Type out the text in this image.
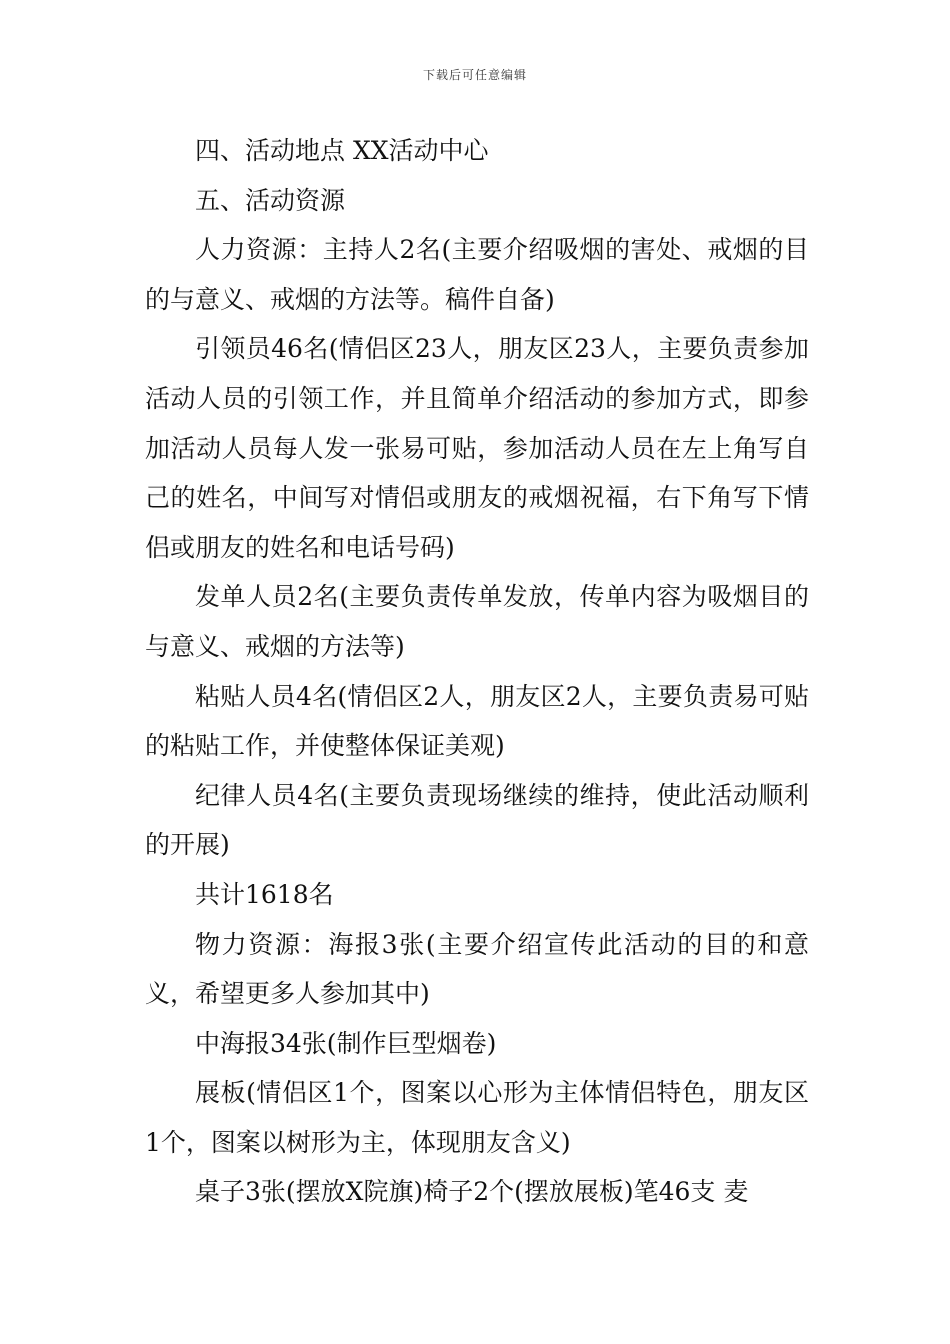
下载后可任意编辑

四、活动地点 XX活动中心

五、活动资源

人力资源：主持人2名(主要介绍吸烟的害处、戒烟的目的与意义、戒烟的方法等。稿件自备)

引领员46名(情侣区23人，朋友区23人，主要负责参加活动人员的引领工作，并且简单介绍活动的参加方式，即参加活动人员每人发一张易可贴，参加活动人员在左上角写自己的姓名，中间写对情侣或朋友的戒烟祝福，右下角写下情侣或朋友的姓名和电话号码)

发单人员2名(主要负责传单发放，传单内容为吸烟目的与意义、戒烟的方法等)

粘贴人员4名(情侣区2人，朋友区2人，主要负责易可贴的粘贴工作，并使整体保证美观)

纪律人员4名(主要负责现场继续的维持，使此活动顺利的开展)

共计1618名

物力资源：海报3张(主要介绍宣传此活动的目的和意义，希望更多人参加其中)

中海报34张(制作巨型烟卷)

展板(情侣区1个，图案以心形为主体情侣特色，朋友区1个，图案以树形为主，体现朋友含义)

桌子3张(摆放X院旗)椅子2个(摆放展板)笔46支 麦
